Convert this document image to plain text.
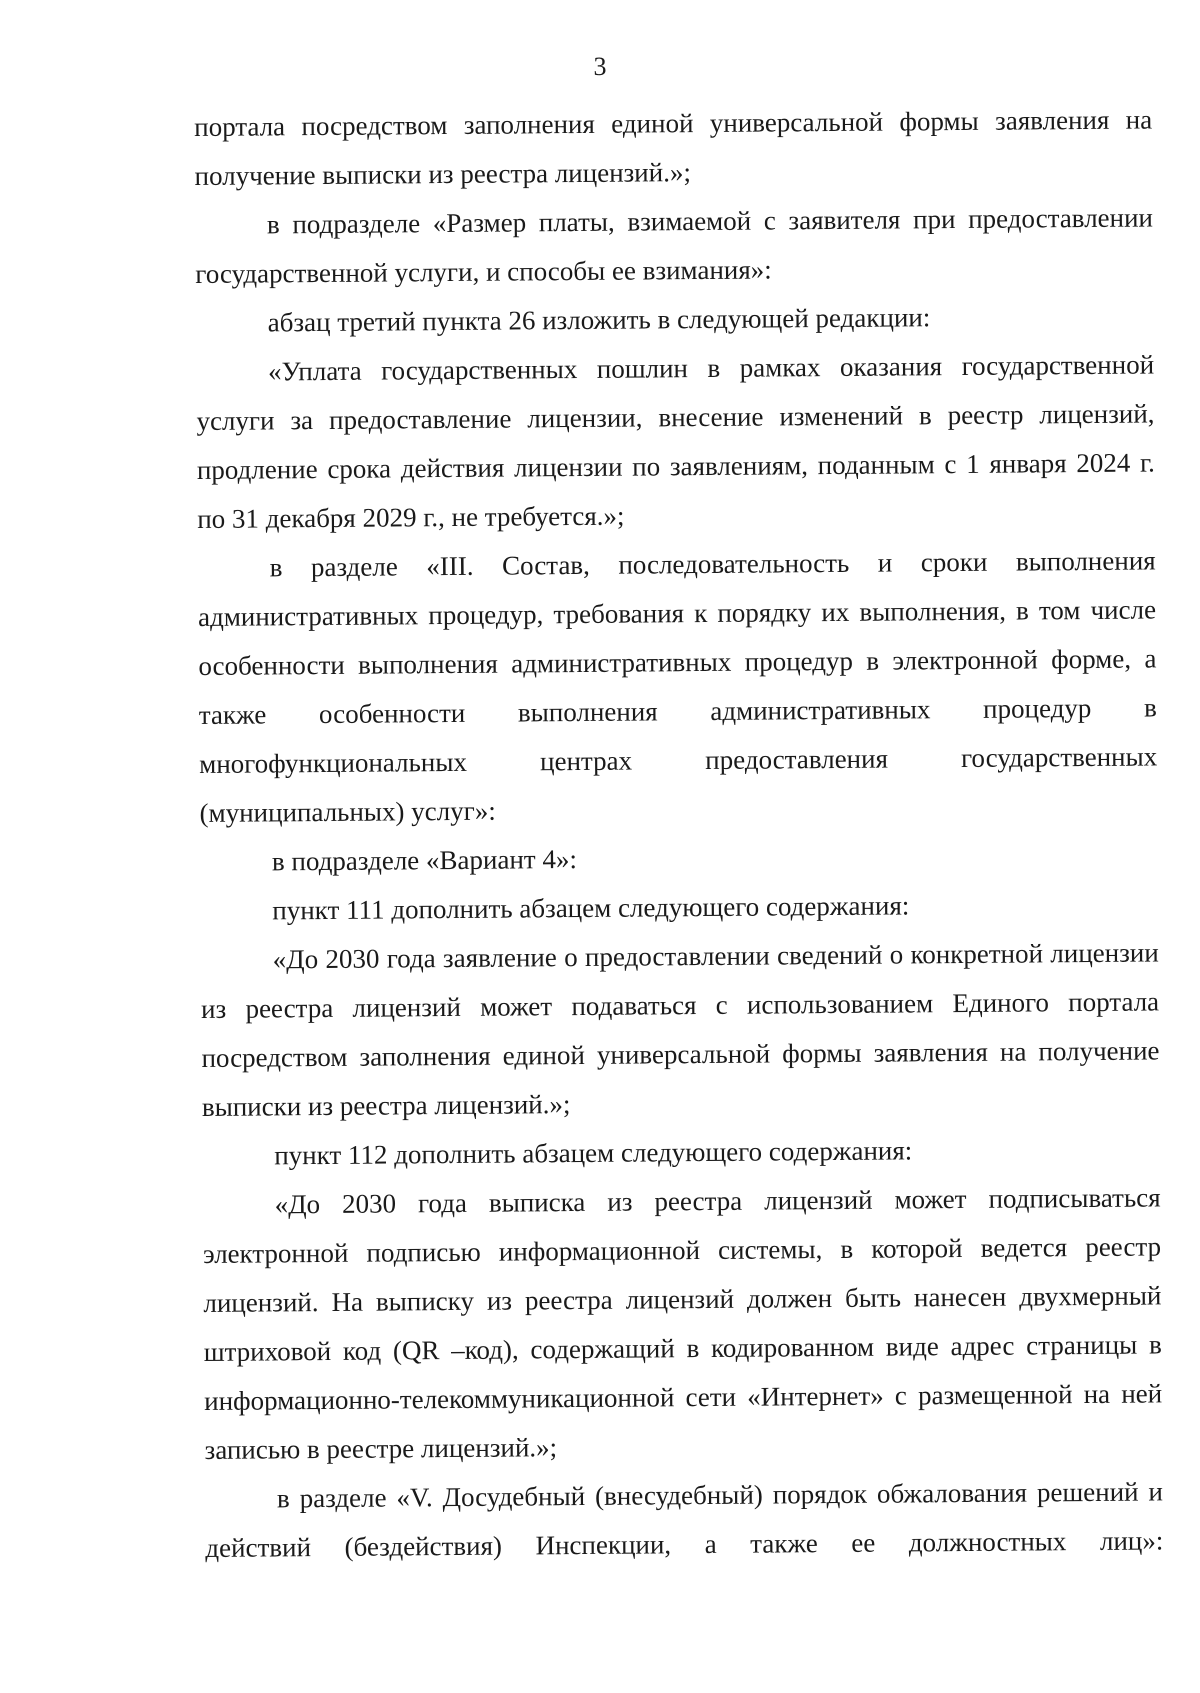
3

портала посредством заполнения единой универсальной формы заявления на получение выписки из реестра лицензий.»;

в подразделе «Размер платы, взимаемой с заявителя при предоставлении государственной услуги, и способы ее взимания»:

абзац третий пункта 26 изложить в следующей редакции:

«Уплата государственных пошлин в рамках оказания государственной услуги за предоставление лицензии, внесение изменений в реестр лицензий, продление срока действия лицензии по заявлениям, поданным с 1 января 2024 г. по 31 декабря 2029 г., не требуется.»;

в разделе «III. Состав, последовательность и сроки выполнения административных процедур, требования к порядку их выполнения, в том числе особенности выполнения административных процедур в электронной форме, а также особенности выполнения административных процедур в многофункциональных центрах предоставления государственных (муниципальных) услуг»:

в подразделе «Вариант 4»:

пункт 111 дополнить абзацем следующего содержания:

«До 2030 года заявление о предоставлении сведений о конкретной лицензии из реестра лицензий может подаваться с использованием Единого портала посредством заполнения единой универсальной формы заявления на получение выписки из реестра лицензий.»;

пункт 112 дополнить абзацем следующего содержания:

«До 2030 года выписка из реестра лицензий может подписываться электронной подписью информационной системы, в которой ведется реестр лицензий. На выписку из реестра лицензий должен быть нанесен двухмерный штриховой код (QR –код), содержащий в кодированном виде адрес страницы в информационно-телекоммуникационной сети «Интернет» с размещенной на ней записью в реестре лицензий.»;

в разделе «V. Досудебный (внесудебный) порядок обжалования решений и действий (бездействия) Инспекции, а также ее должностных лиц»:
